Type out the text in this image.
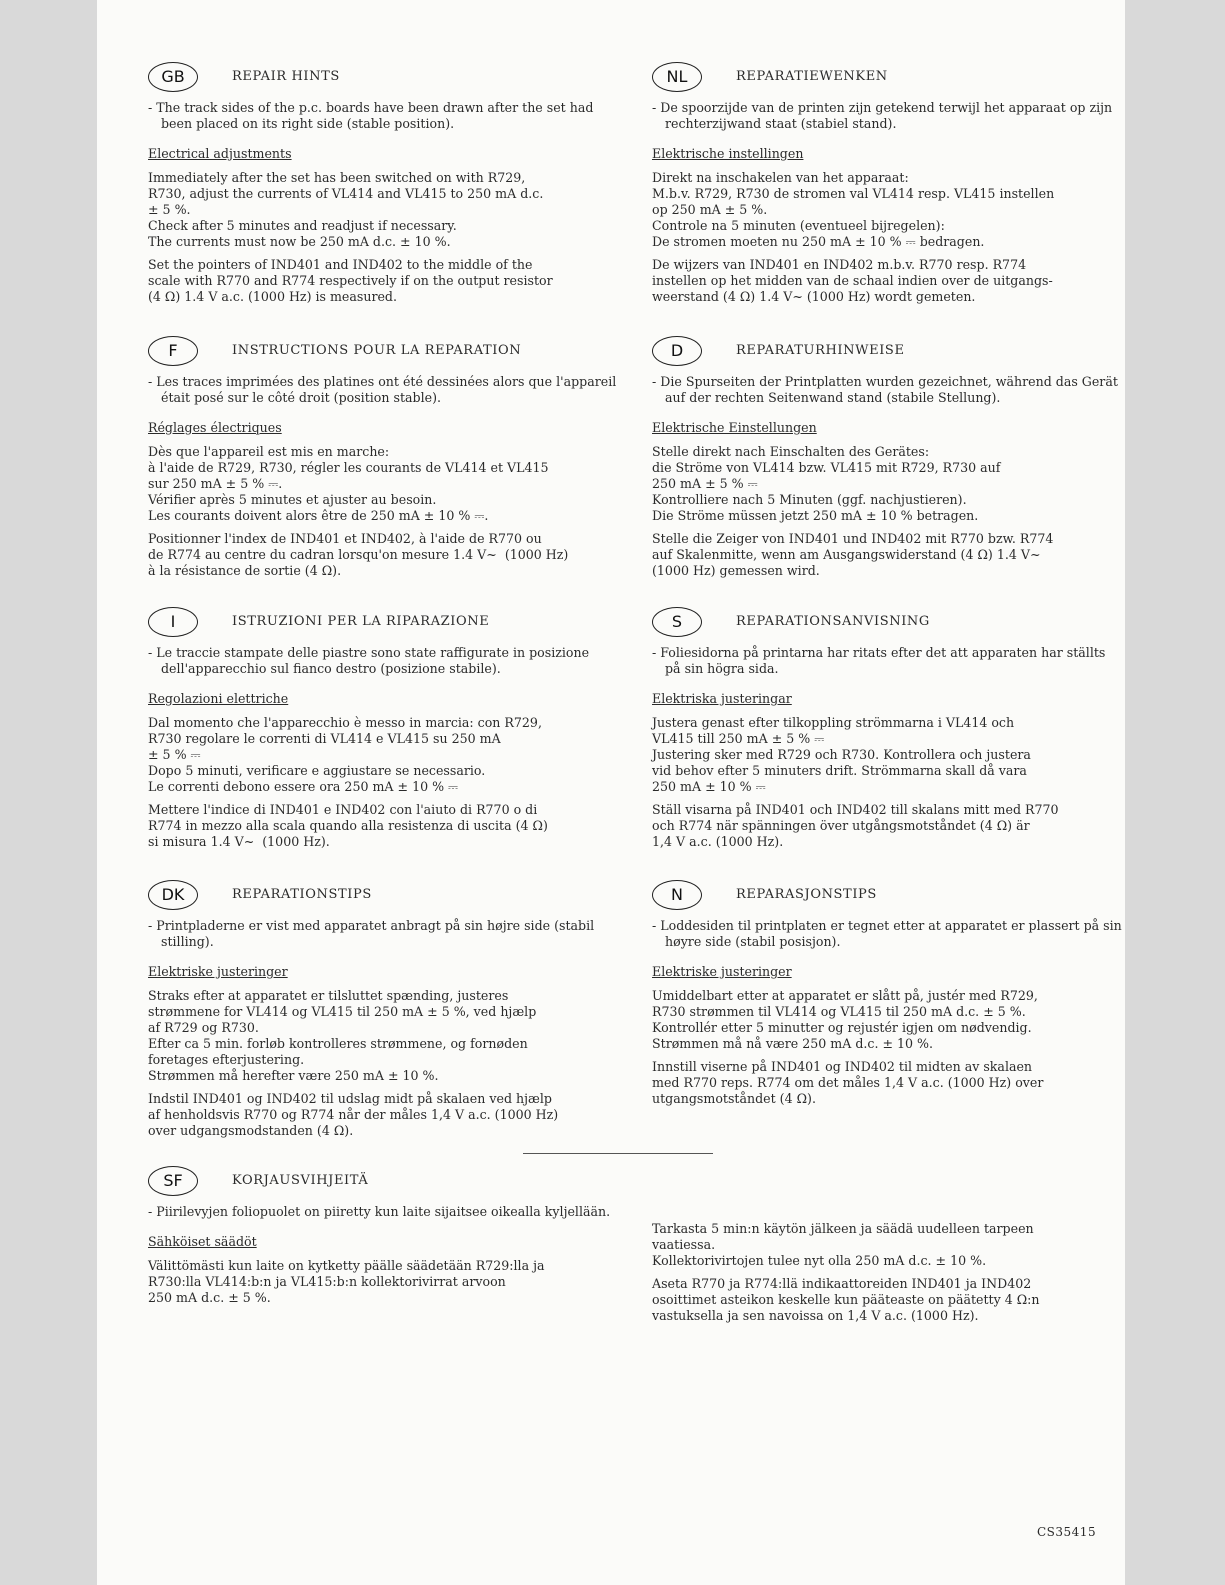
GB	REPAIR HINTS

- The track sides of the p.c. boards have been drawn after the set had been placed on its right side (stable position).

Electrical adjustments
Immediately after the set has been switched on with R729,
R730, adjust the currents of VL414 and VL415 to 250 mA d.c.
± 5 %.
Check after 5 minutes and readjust if necessary.
The currents must now be 250 mA d.c. ± 10 %.
Set the pointers of IND401 and IND402 to the middle of the
scale with R770 and R774 respectively if on the output resistor
(4 Ω) 1.4 V a.c. (1000 Hz) is measured.
NL	REPARATIEWENKEN

- De spoorzijde van de printen zijn getekend terwijl het apparaat op zijn rechterzijwand staat (stabiel stand).

Elektrische instellingen
Direkt na inschakelen van het apparaat:
M.b.v. R729, R730 de stromen val VL414 resp. VL415 instellen
op 250 mA ± 5 %.
Controle na 5 minuten (eventueel bijregelen):
De stromen moeten nu 250 mA ± 10 % ⎓ bedragen.
De wijzers van IND401 en IND402 m.b.v. R770 resp. R774
instellen op het midden van de schaal indien over de uitgangs-
weerstand (4 Ω) 1.4 V~ (1000 Hz) wordt gemeten.
F	INSTRUCTIONS POUR LA REPARATION

- Les traces imprimées des platines ont été dessinées alors que l'appareil était posé sur le côté droit (position stable).

Réglages électriques
Dès que l'appareil est mis en marche:
à l'aide de R729, R730, régler les courants de VL414 et VL415
sur 250 mA ± 5 % ⎓.
Vérifier après 5 minutes et ajuster au besoin.
Les courants doivent alors être de 250 mA ± 10 % ⎓.
Positionner l'index de IND401 et IND402, à l'aide de R770 ou
de R774 au centre du cadran lorsqu'on mesure 1.4 V~  (1000 Hz)
à la résistance de sortie (4 Ω).
D	REPARATURHINWEISE

- Die Spurseiten der Printplatten wurden gezeichnet, während das Gerät auf der rechten Seitenwand stand (stabile Stellung).

Elektrische Einstellungen
Stelle direkt nach Einschalten des Gerätes:
die Ströme von VL414 bzw. VL415 mit R729, R730 auf
250 mA ± 5 % ⎓
Kontrolliere nach 5 Minuten (ggf. nachjustieren).
Die Ströme müssen jetzt 250 mA ± 10 % betragen.
Stelle die Zeiger von IND401 und IND402 mit R770 bzw. R774
auf Skalenmitte, wenn am Ausgangswiderstand (4 Ω) 1.4 V~
(1000 Hz) gemessen wird.
I	ISTRUZIONI PER LA RIPARAZIONE

- Le traccie stampate delle piastre sono state raffigurate in posizione dell'apparecchio sul fianco destro (posizione stabile).

Regolazioni elettriche
Dal momento che l'apparecchio è messo in marcia: con R729,
R730 regolare le correnti di VL414 e VL415 su 250 mA
± 5 % ⎓
Dopo 5 minuti, verificare e aggiustare se necessario.
Le correnti debono essere ora 250 mA ± 10 % ⎓
Mettere l'indice di IND401 e IND402 con l'aiuto di R770 o di
R774 in mezzo alla scala quando alla resistenza di uscita (4 Ω)
si misura 1.4 V~  (1000 Hz).
S	REPARATIONSANVISNING

- Foliesidorna på printarna har ritats efter det att apparaten har ställts på sin högra sida.

Elektriska justeringar
Justera genast efter tilkoppling strömmarna i VL414 och
VL415 till 250 mA ± 5 % ⎓
Justering sker med R729 och R730. Kontrollera och justera
vid behov efter 5 minuters drift. Strömmarna skall då vara
250 mA ± 10 % ⎓
Ställ visarna på IND401 och IND402 till skalans mitt med R770
och R774 när spänningen över utgångsmotståndet (4 Ω) är
1,4 V a.c. (1000 Hz).
DK	REPARATIONSTIPS

- Printpladerne er vist med apparatet anbragt på sin højre side (stabil stilling).

Elektriske justeringer
Straks efter at apparatet er tilsluttet spænding, justeres
strømmene for VL414 og VL415 til 250 mA ± 5 %, ved hjælp
af R729 og R730.
Efter ca 5 min. forløb kontrolleres strømmene, og fornøden
foretages efterjustering.
Strømmen må herefter være 250 mA ± 10 %.
Indstil IND401 og IND402 til udslag midt på skalaen ved hjælp
af henholdsvis R770 og R774 når der måles 1,4 V a.c. (1000 Hz)
over udgangsmodstanden (4 Ω).
N	REPARASJONSTIPS

- Loddesiden til printplaten er tegnet etter at apparatet er plassert på sin høyre side (stabil posisjon).

Elektriske justeringer
Umiddelbart etter at apparatet er slått på, justér med R729,
R730 strømmen til VL414 og VL415 til 250 mA d.c. ± 5 %.
Kontrollér etter 5 minutter og rejustér igjen om nødvendig.
Strømmen må nå være 250 mA d.c. ± 10 %.
Innstill viserne på IND401 og IND402 til midten av skalaen
med R770 reps. R774 om det måles 1,4 V a.c. (1000 Hz) over
utgangsmotståndet (4 Ω).
SF	KORJAUSVIHJEITÄ

- Piirilevyjen foliopuolet on piiretty kun laite sijaitsee oikealla kyljellään.

Sähköiset säädöt
Välittömästi kun laite on kytketty päälle säädetään R729:lla ja
R730:lla VL414:b:n ja VL415:b:n kollektorivirrat arvoon
250 mA d.c. ± 5 %.
Tarkasta 5 min:n käytön jälkeen ja säädä uudelleen tarpeen
vaatiessa.
Kollektorivirtojen tulee nyt olla 250 mA d.c. ± 10 %.
Aseta R770 ja R774:llä indikaattoreiden IND401 ja IND402
osoittimet asteikon keskelle kun pääteaste on päätetty 4 Ω:n
vastuksella ja sen navoissa on 1,4 V a.c. (1000 Hz).
CS35415
